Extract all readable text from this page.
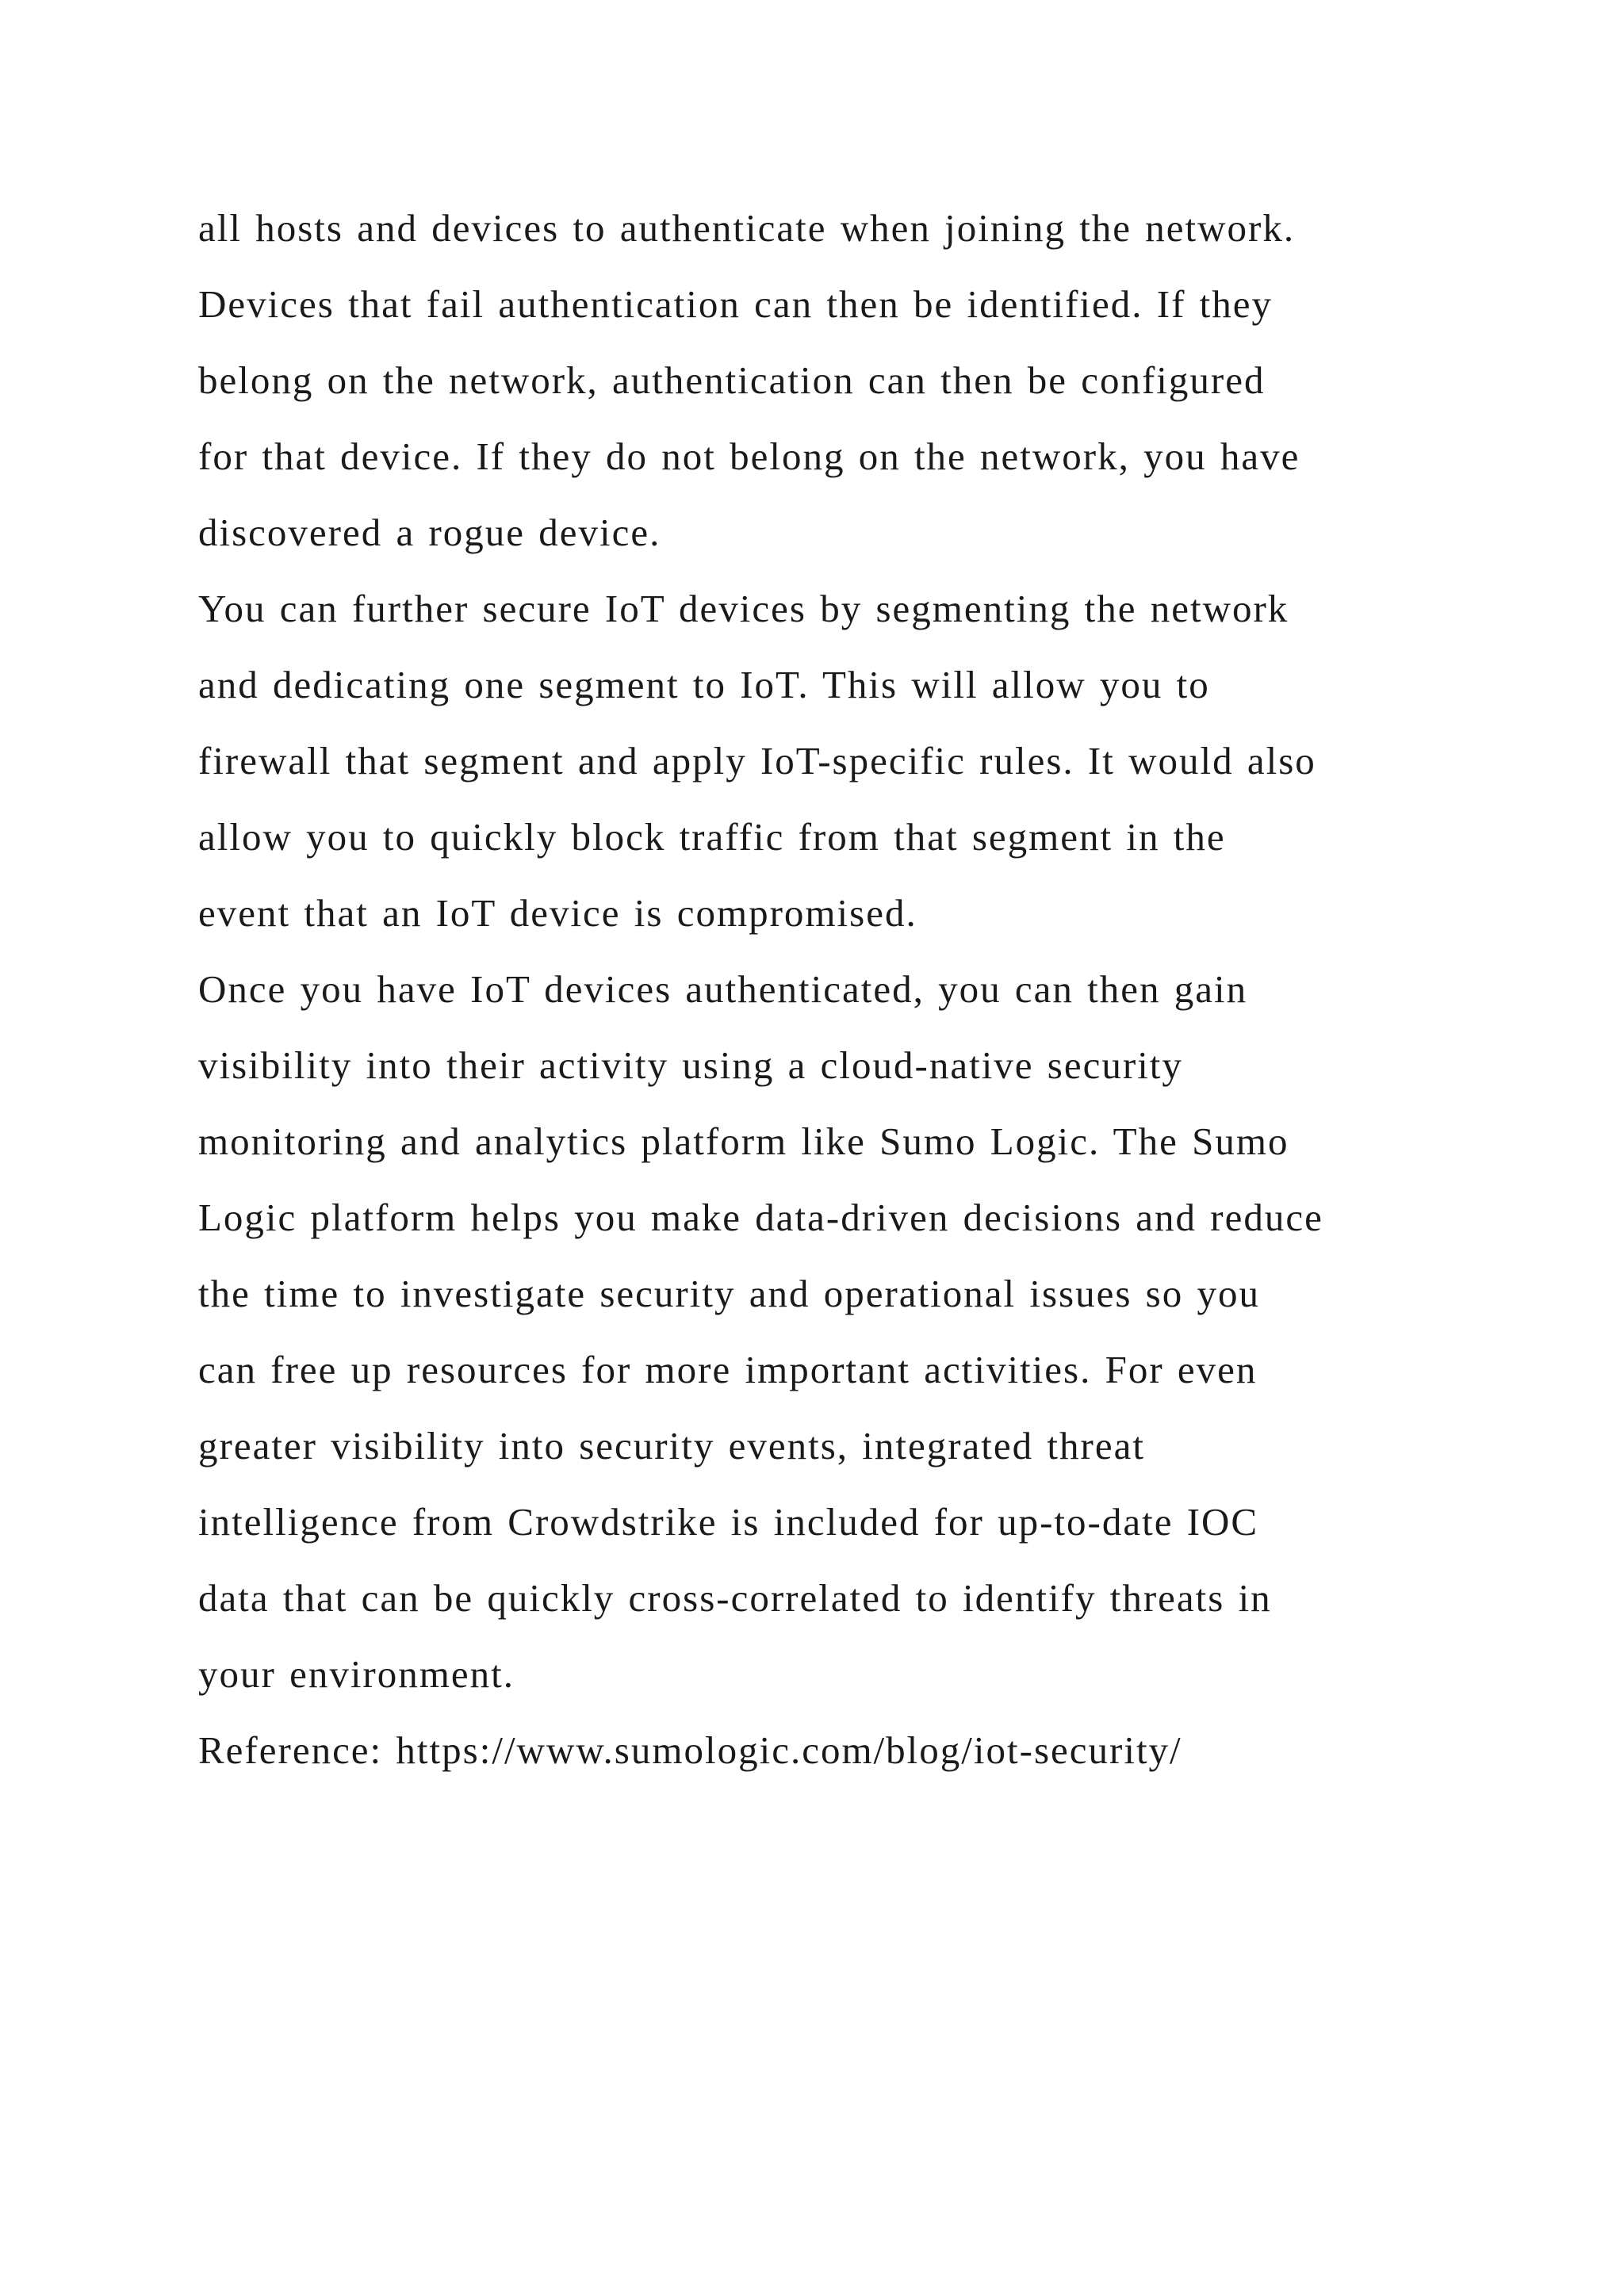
all hosts and devices to authenticate when joining the network.
Devices that fail authentication can then be identified. If they
belong on the network, authentication can then be configured
for that device. If they do not belong on the network, you have
discovered a rogue device.
You can further secure IoT devices by segmenting the network
and dedicating one segment to IoT. This will allow you to
firewall that segment and apply IoT-specific rules. It would also
allow you to quickly block traffic from that segment in the
event that an IoT device is compromised.
Once you have IoT devices authenticated, you can then gain
visibility into their activity using a cloud-native security
monitoring and analytics platform like Sumo Logic. The Sumo
Logic platform helps you make data-driven decisions and reduce
the time to investigate security and operational issues so you
can free up resources for more important activities. For even
greater visibility into security events, integrated threat
intelligence from Crowdstrike is included for up-to-date IOC
data that can be quickly cross-correlated to identify threats in
your environment.
Reference: https://www.sumologic.com/blog/iot-security/
